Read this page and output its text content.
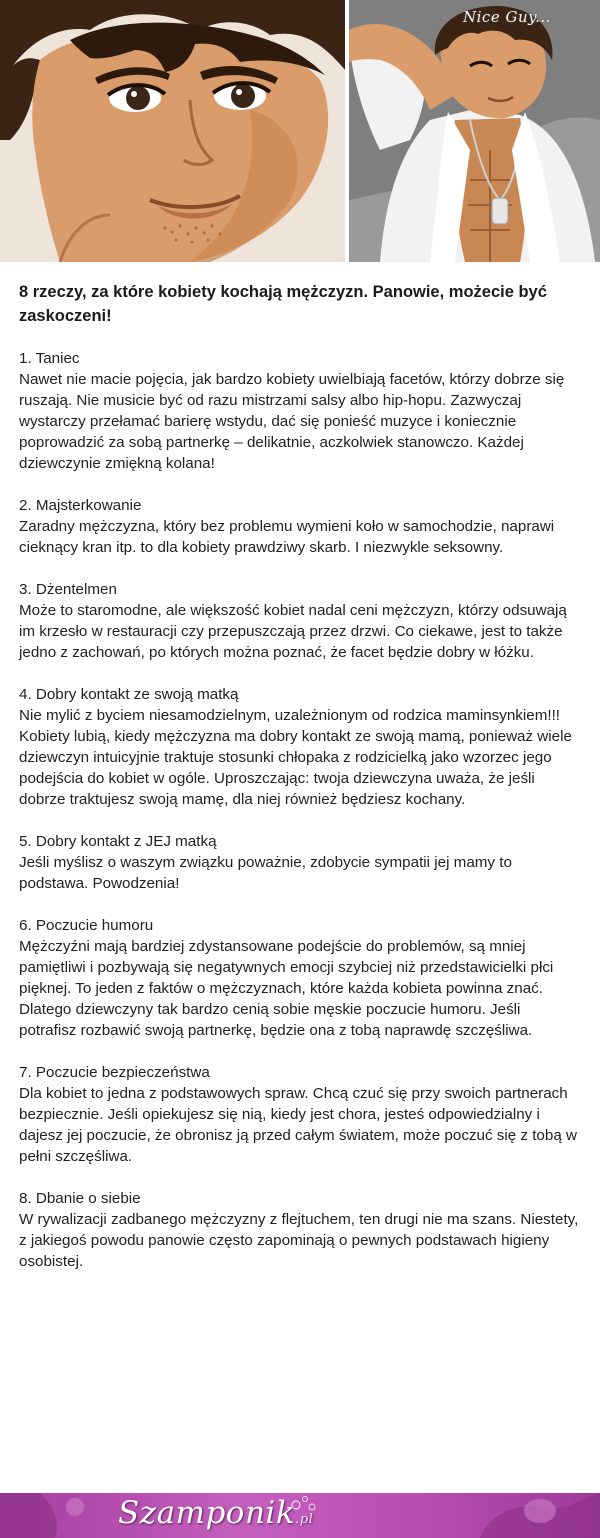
Nice Guy...
8 rzeczy, za które kobiety kochają mężczyzn. Panowie, możecie być zaskoczeni!
1. Taniec
Nawet nie macie pojęcia, jak bardzo kobiety uwielbiają facetów, którzy dobrze się ruszają. Nie musicie być od razu mistrzami salsy albo hip-hopu. Zazwyczaj wystarczy przełamać barierę wstydu, dać się ponieść muzyce i koniecznie poprowadzić za sobą partnerkę – delikatnie, aczkolwiek stanowczo. Każdej dziewczynie zmiękną kolana!
2. Majsterkowanie
Zaradny mężczyzna, który bez problemu wymieni koło w samochodzie, naprawi cieknący kran itp. to dla kobiety prawdziwy skarb. I niezwykle seksowny.
3. Dżentelmen
Może to staromodne, ale większość kobiet nadal ceni mężczyzn, którzy odsuwają im krzesło w restauracji czy przepuszczają przez drzwi. Co ciekawe, jest to także jedno z zachowań, po których można poznać, że facet będzie dobry w łóżku.
4. Dobry kontakt ze swoją matką
Nie mylić z byciem niesamodzielnym, uzależnionym od rodzica maminsynkiem!!! Kobiety lubią, kiedy mężczyzna ma dobry kontakt ze swoją mamą, ponieważ wiele dziewczyn intuicyjnie traktuje stosunki chłopaka z rodzicielką jako wzorzec jego podejścia do kobiet w ogóle. Uproszczając: twoja dziewczyna uważa, że jeśli dobrze traktujesz swoją mamę, dla niej również będziesz kochany.
5. Dobry kontakt z JEJ matką
Jeśli myślisz o waszym związku poważnie, zdobycie sympatii jej mamy to podstawa. Powodzenia!
6. Poczucie humoru
Mężczyźni mają bardziej zdystansowane podejście do problemów, są mniej pamiętliwi i pozbywają się negatywnych emocji szybciej niż przedstawicielki płci pięknej. To jeden z faktów o mężczyznach, które każda kobieta powinna znać. Dlatego dziewczyny tak bardzo cenią sobie męskie poczucie humoru. Jeśli potrafisz rozbawić swoją partnerkę, będzie ona z tobą naprawdę szczęśliwa.
7. Poczucie bezpieczeństwa
Dla kobiet to jedna z podstawowych spraw. Chcą czuć się przy swoich partnerach bezpiecznie. Jeśli opiekujesz się nią, kiedy jest chora, jesteś odpowiedzialny i dajesz jej poczucie, że obronisz ją przed całym światem, może poczuć się z tobą w pełni szczęśliwa.
8. Dbanie o siebie
W rywalizacji zadbanego mężczyzny z flejtuchem, ten drugi nie ma szans. Niestety, z jakiegoś powodu panowie często zapominają o pewnych podstawach higieny osobistej.
Szamponik.pl
